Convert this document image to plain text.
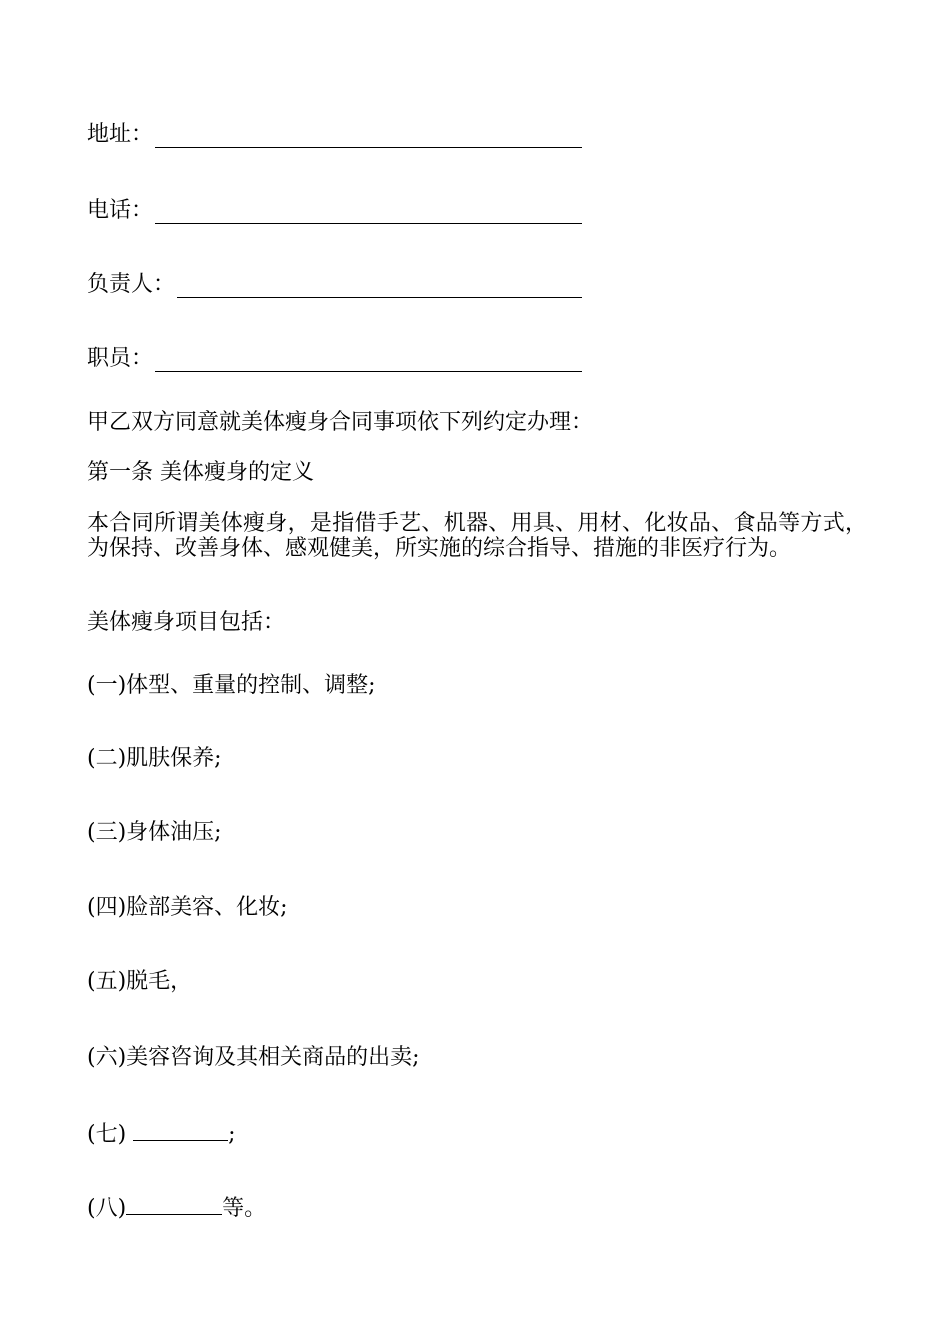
地址：
电话：
负责人：
职员：
甲乙双方同意就美体瘦身合同事项依下列约定办理：
第一条 美体瘦身的定义
本合同所谓美体瘦身，是指借手艺、机器、用具、用材、化妆品、食品等方式，为保持、改善身体、感观健美，所实施的综合指导、措施的非医疗行为。
美体瘦身项目包括：
(一)体型、重量的控制、调整;
(二)肌肤保养;
(三)身体油压;
(四)脸部美容、化妆;
(五)脱毛，
(六)美容咨询及其相关商品的出卖;
(七)	;
(八)	等。
